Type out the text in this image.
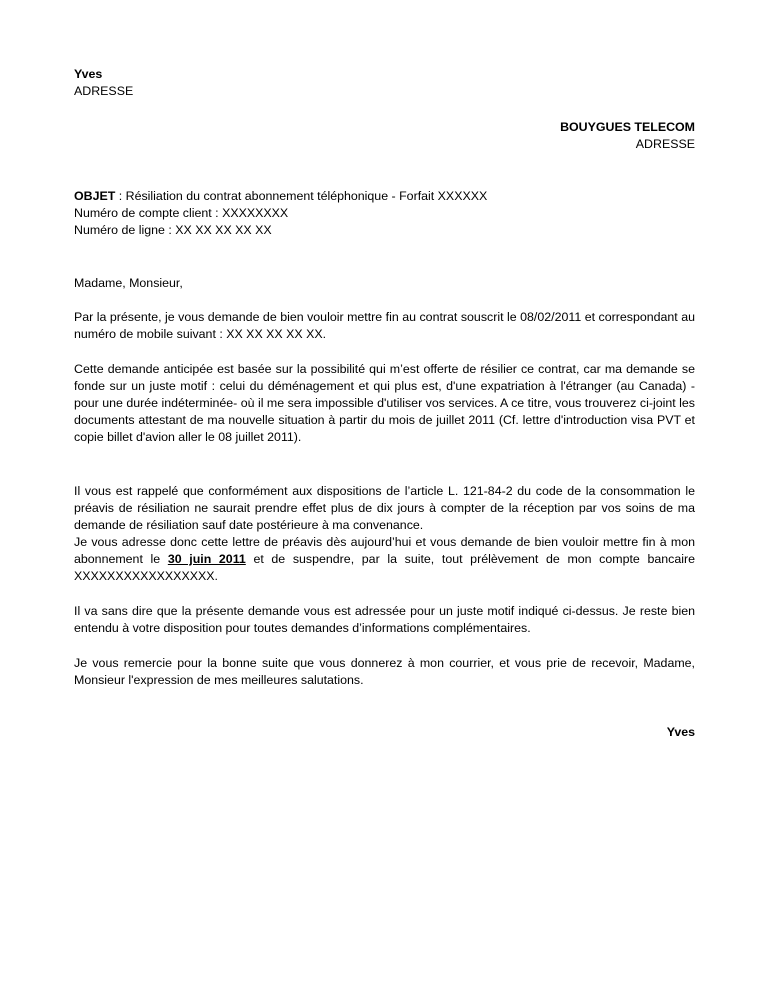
Yves
ADRESSE
BOUYGUES TELECOM
ADRESSE
OBJET : Résiliation du contrat abonnement téléphonique - Forfait XXXXXX
Numéro de compte client : XXXXXXXX
Numéro de ligne : XX XX XX XX XX
Madame, Monsieur,
Par la présente, je vous demande de bien vouloir mettre fin au contrat souscrit le 08/02/2011 et correspondant au numéro de mobile suivant : XX XX XX XX XX.
Cette demande anticipée est basée sur la possibilité qui m’est offerte de résilier ce contrat, car ma demande se fonde sur un juste motif : celui du déménagement et qui plus est, d'une expatriation à l'étranger (au Canada) -pour une durée indéterminée- où il me sera impossible d'utiliser vos services. A ce titre, vous trouverez ci-joint les documents attestant de ma nouvelle situation à partir du mois de juillet 2011 (Cf. lettre d'introduction visa PVT et copie billet d'avion aller le 08 juillet 2011).

Il vous est rappelé que conformément aux dispositions de l’article L. 121-84-2 du code de la consommation le préavis de résiliation ne saurait prendre effet plus de dix jours à compter de la réception par vos soins de ma demande de résiliation sauf date postérieure à ma convenance.

Je vous adresse donc cette lettre de préavis dès aujourd’hui et vous demande de bien vouloir mettre fin à mon abonnement le 30 juin 2011 et de suspendre, par la suite, tout prélèvement de mon compte bancaire XXXXXXXXXXXXXXXXX.

Il va sans dire que la présente demande vous est adressée pour un juste motif indiqué ci-dessus. Je reste bien entendu à votre disposition pour toutes demandes d’informations complémentaires.
Je vous remercie pour la bonne suite que vous donnerez à mon courrier, et vous prie de recevoir, Madame, Monsieur l'expression de mes meilleures salutations.
Yves
